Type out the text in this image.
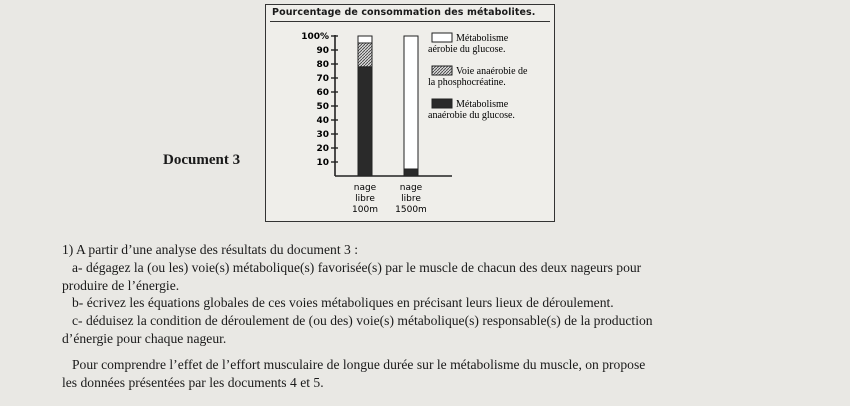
Document 3
Pourcentage de consommation des métabolites.
100%
90
80
70
60
50
40
30
20
10
nage
libre
100m
nage
libre
1500m
Métabolisme
aérobie du glucose.
Voie anaérobie de
la phosphocréatine.
Métabolisme
anaérobie du glucose.

1) A partir d’une analyse des résultats du document 3 :

a- dégagez la (ou les) voie(s) métabolique(s) favorisée(s) par le muscle de chacun des deux nageurs pour

produire de l’énergie.

b- écrivez les équations globales de ces voies métaboliques en précisant leurs lieux de déroulement.

c- déduisez la condition de déroulement de (ou des) voie(s) métabolique(s) responsable(s) de la production

d’énergie pour chaque nageur.

Pour comprendre l’effet de l’effort musculaire de longue durée sur le métabolisme du muscle, on propose

les données présentées par les documents 4 et 5.
